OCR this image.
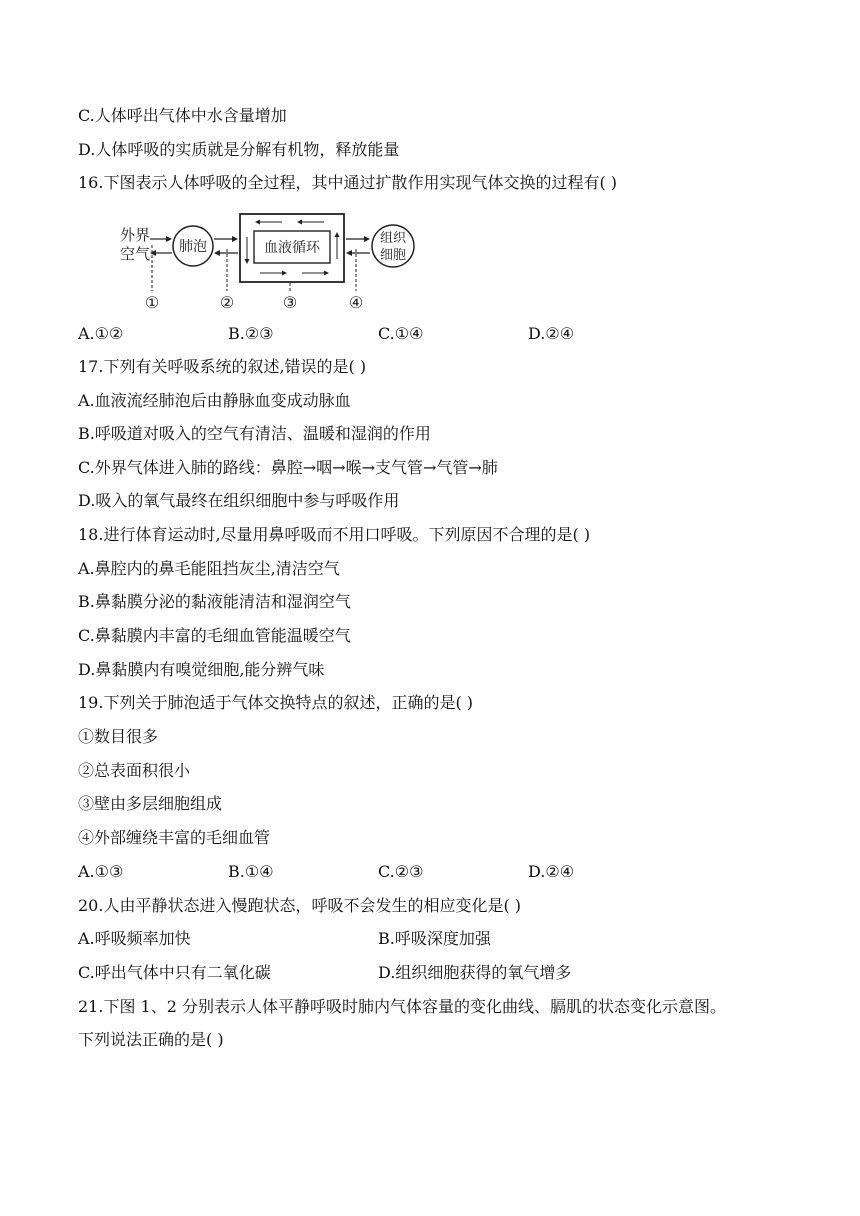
C.人体呼出气体中水含量增加
D.人体呼吸的实质就是分解有机物，释放能量
16.下图表示人体呼吸的全过程，其中通过扩散作用实现气体交换的过程有( )
外界
空气 肺泡	血液循环
组织
细胞
①	②	③	④
A.①②	B.②③	C.①④	D.②④
17.下列有关呼吸系统的叙述,错误的是( )
A.血液流经肺泡后由静脉血变成动脉血
B.呼吸道对吸入的空气有清洁、温暖和湿润的作用
C.外界气体进入肺的路线：鼻腔→咽→喉→支气管→气管→肺
D.吸入的氧气最终在组织细胞中参与呼吸作用
18.进行体育运动时,尽量用鼻呼吸而不用口呼吸。下列原因不合理的是( )
A.鼻腔内的鼻毛能阻挡灰尘,清洁空气
B.鼻黏膜分泌的黏液能清洁和湿润空气
C.鼻黏膜内丰富的毛细血管能温暖空气
D.鼻黏膜内有嗅觉细胞,能分辨气味
19.下列关于肺泡适于气体交换特点的叙述，正确的是( )
①数目很多
②总表面积很小
③壁由多层细胞组成
④外部缠绕丰富的毛细血管
A.①③	B.①④	C.②③	D.②④
20.人由平静状态进入慢跑状态，呼吸不会发生的相应变化是( )
A.呼吸频率加快	B.呼吸深度加强
C.呼出气体中只有二氧化碳	D.组织细胞获得的氧气增多
21.下图 1、2 分别表示人体平静呼吸时肺内气体容量的变化曲线、膈肌的状态变化示意图。
下列说法正确的是( )
